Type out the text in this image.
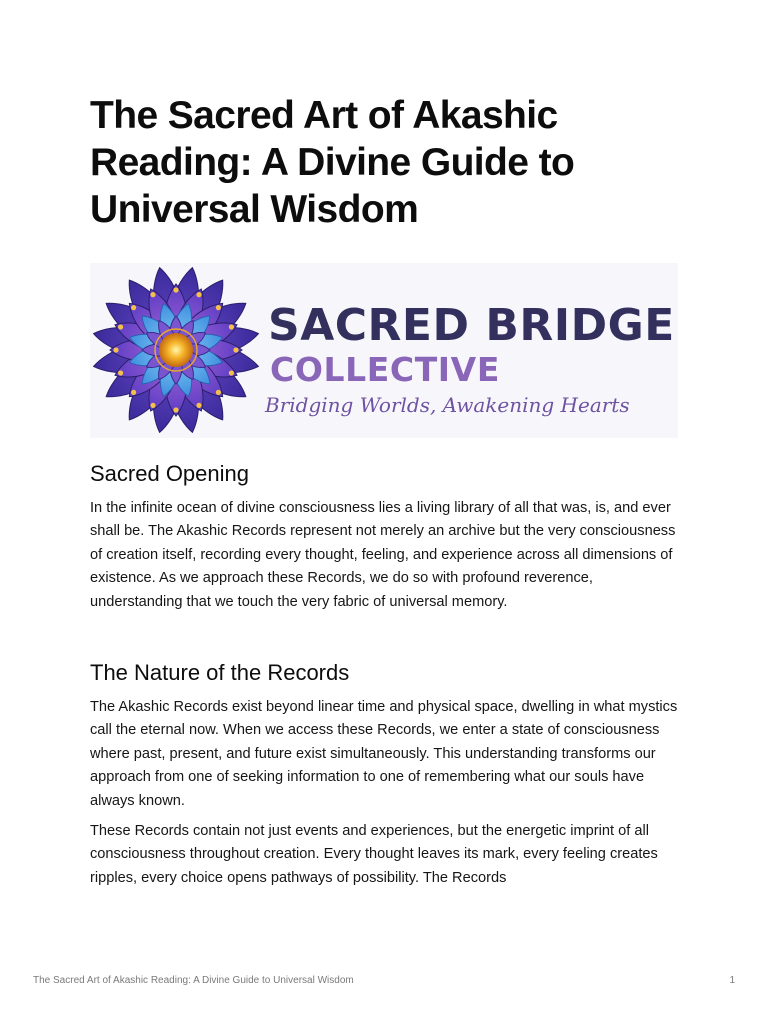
The Sacred Art of Akashic Reading: A Divine Guide to Universal Wisdom
SACRED BRIDGE
COLLECTIVE
Bridging Worlds, Awakening Hearts
Sacred Opening

In the infinite ocean of divine consciousness lies a living library of all that was, is, and ever shall be. The Akashic Records represent not merely an archive but the very consciousness of creation itself, recording every thought, feeling, and experience across all dimensions of existence. As we approach these Records, we do so with profound reverence, understanding that we touch the very fabric of universal memory.

The Nature of the Records

The Akashic Records exist beyond linear time and physical space, dwelling in what mystics call the eternal now. When we access these Records, we enter a state of consciousness where past, present, and future exist simultaneously. This understanding transforms our approach from one of seeking information to one of remembering what our souls have always known.

These Records contain not just events and experiences, but the energetic imprint of all consciousness throughout creation. Every thought leaves its mark, every feeling creates ripples, every choice opens pathways of possibility. The Records

The Sacred Art of Akashic Reading: A Divine Guide to Universal Wisdom	1
